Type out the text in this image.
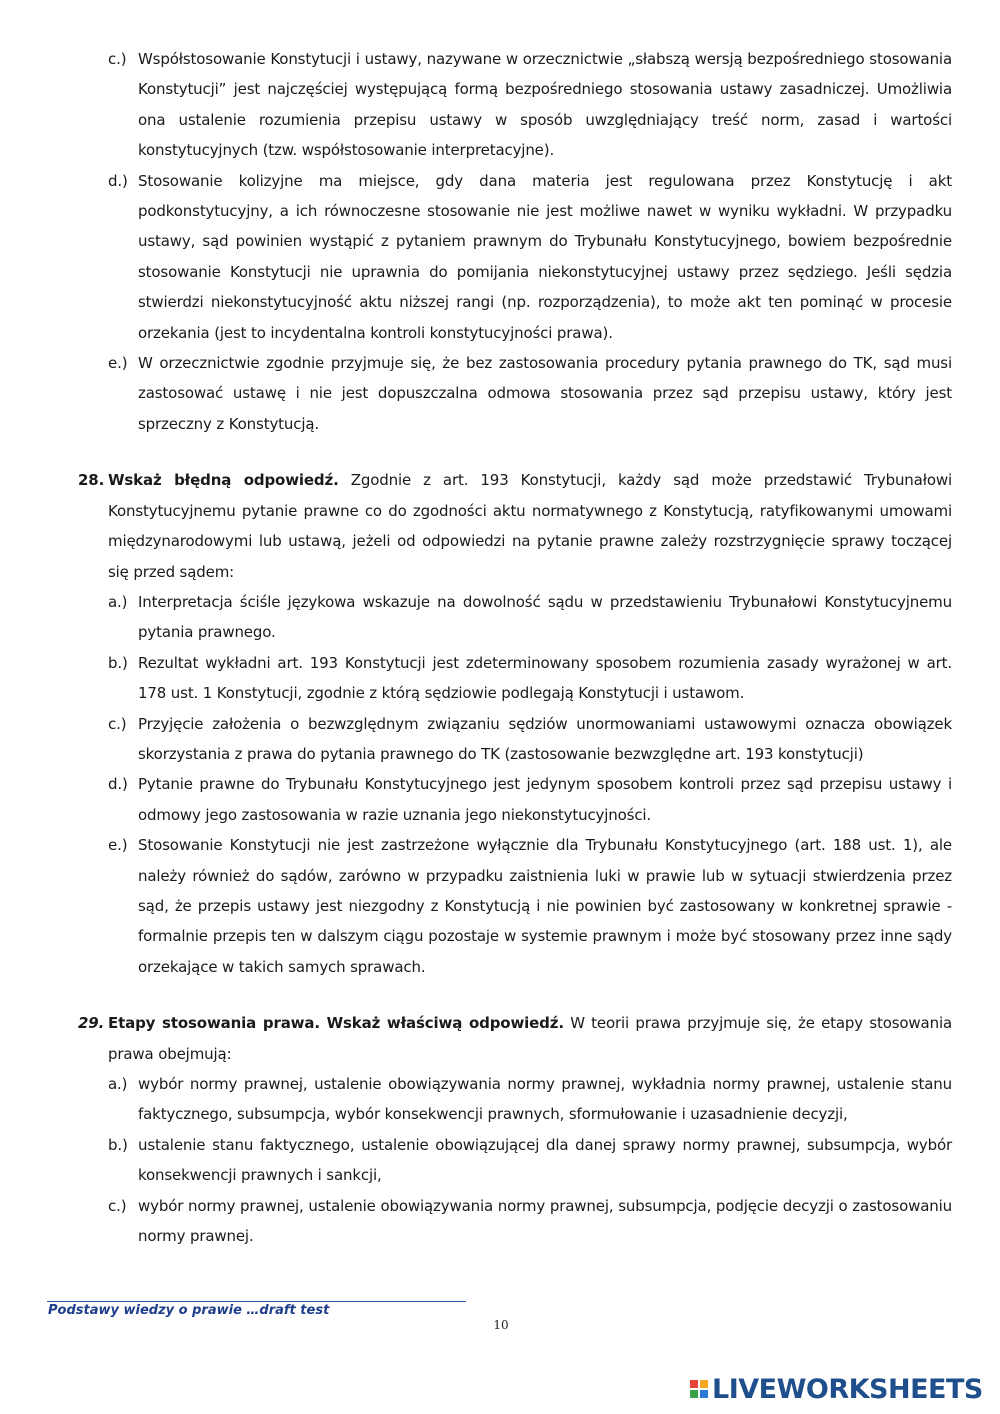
c.) Współstosowanie Konstytucji i ustawy, nazywane w orzecznictwie „słabszą wersją bezpośredniego stosowania Konstytucji” jest najczęściej występującą formą bezpośredniego stosowania ustawy zasadniczej. Umożliwia ona ustalenie rozumienia przepisu ustawy w sposób uwzględniający treść norm, zasad i wartości konstytucyjnych (tzw. współstosowanie interpretacyjne).
d.) Stosowanie kolizyjne ma miejsce, gdy dana materia jest regulowana przez Konstytucję i akt podkonstytucyjny, a ich równoczesne stosowanie nie jest możliwe nawet w wyniku wykładni. W przypadku ustawy, sąd powinien wystąpić z pytaniem prawnym do Trybunału Konstytucyjnego, bowiem bezpośrednie stosowanie Konstytucji nie uprawnia do pomijania niekonstytucyjnej ustawy przez sędziego. Jeśli sędzia stwierdzi niekonstytucyjność aktu niższej rangi (np. rozporządzenia), to może akt ten pominąć w procesie orzekania (jest to incydentalna kontroli konstytucyjności prawa).
e.) W orzecznictwie zgodnie przyjmuje się, że bez zastosowania procedury pytania prawnego do TK, sąd musi zastosować ustawę i nie jest dopuszczalna odmowa stosowania przez sąd przepisu ustawy, który jest sprzeczny z Konstytucją.
28. Wskaż błędną odpowiedź. Zgodnie z art. 193 Konstytucji, każdy sąd może przedstawić Trybunałowi Konstytucyjnemu pytanie prawne co do zgodności aktu normatywnego z Konstytucją, ratyfikowanymi umowami międzynarodowymi lub ustawą, jeżeli od odpowiedzi na pytanie prawne zależy rozstrzygnięcie sprawy toczącej się przed sądem:
a.) Interpretacja ściśle językowa wskazuje na dowolność sądu w przedstawieniu Trybunałowi Konstytucyjnemu pytania prawnego.
b.) Rezultat wykładni art. 193 Konstytucji jest zdeterminowany sposobem rozumienia zasady wyrażonej w art. 178 ust. 1 Konstytucji, zgodnie z którą sędziowie podlegają Konstytucji i ustawom.
c.) Przyjęcie założenia o bezwzględnym związaniu sędziów unormowaniami ustawowymi oznacza obowiązek skorzystania z prawa do pytania prawnego do TK (zastosowanie bezwzględne art. 193 konstytucji)
d.) Pytanie prawne do Trybunału Konstytucyjnego jest jedynym sposobem kontroli przez sąd przepisu ustawy i odmowy jego zastosowania w razie uznania jego niekonstytucyjności.
e.) Stosowanie Konstytucji nie jest zastrzeżone wyłącznie dla Trybunału Konstytucyjnego (art. 188 ust. 1), ale należy również do sądów, zarówno w przypadku zaistnienia luki w prawie lub w sytuacji stwierdzenia przez sąd, że przepis ustawy jest niezgodny z Konstytucją i nie powinien być zastosowany w konkretnej sprawie - formalnie przepis ten w dalszym ciągu pozostaje w systemie prawnym i może być stosowany przez inne sądy orzekające w takich samych sprawach.
29. Etapy stosowania prawa. Wskaż właściwą odpowiedź. W teorii prawa przyjmuje się, że etapy stosowania prawa obejmują:
a.) wybór normy prawnej, ustalenie obowiązywania normy prawnej, wykładnia normy prawnej, ustalenie stanu faktycznego, subsumpcja, wybór konsekwencji prawnych, sformułowanie i uzasadnienie decyzji,
b.) ustalenie stanu faktycznego, ustalenie obowiązującej dla danej sprawy normy prawnej, subsumpcja, wybór konsekwencji prawnych i sankcji,
c.) wybór normy prawnej, ustalenie obowiązywania normy prawnej, subsumpcja, podjęcie decyzji o zastosowaniu normy prawnej.
Podstawy wiedzy o prawie …draft test
10
LIVEWORKSHEETS
